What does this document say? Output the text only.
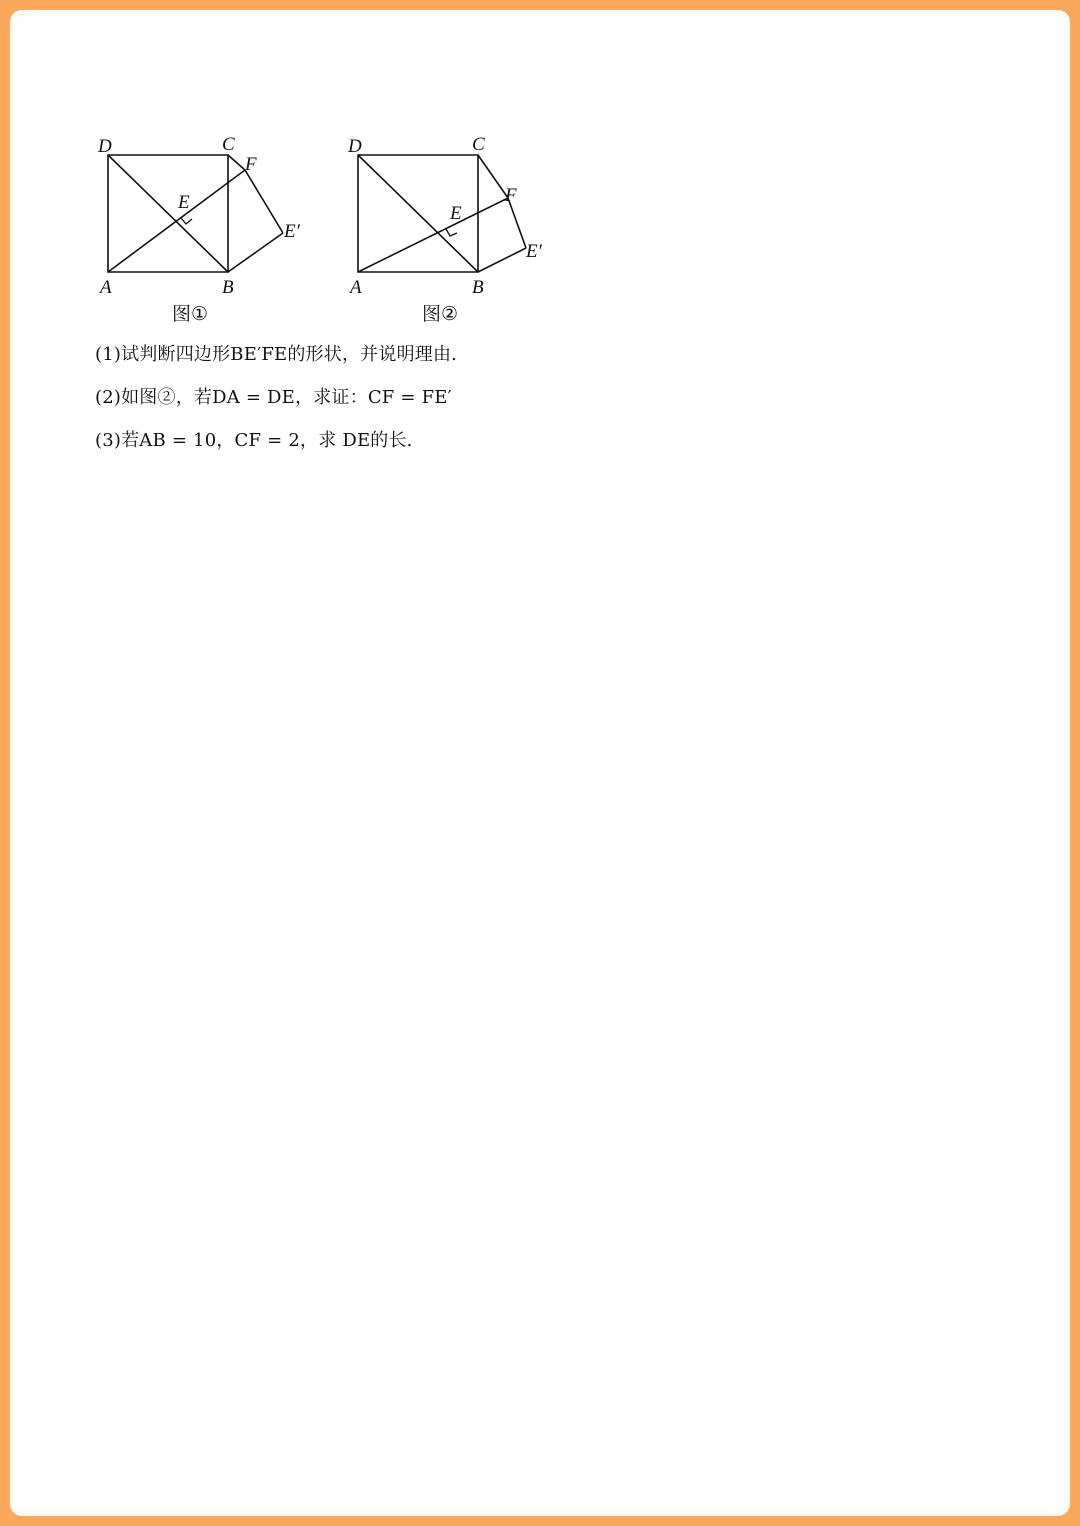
D	C
F
E
E′
A	B
图①
D	C
F
E
E′
A	B
图②
(1)试判断四边形BE′FE的形状，并说明理由.
(2)如图②，若DA = DE，求证：CF = FE′
(3)若AB = 10，CF = 2，求 DE的长.
